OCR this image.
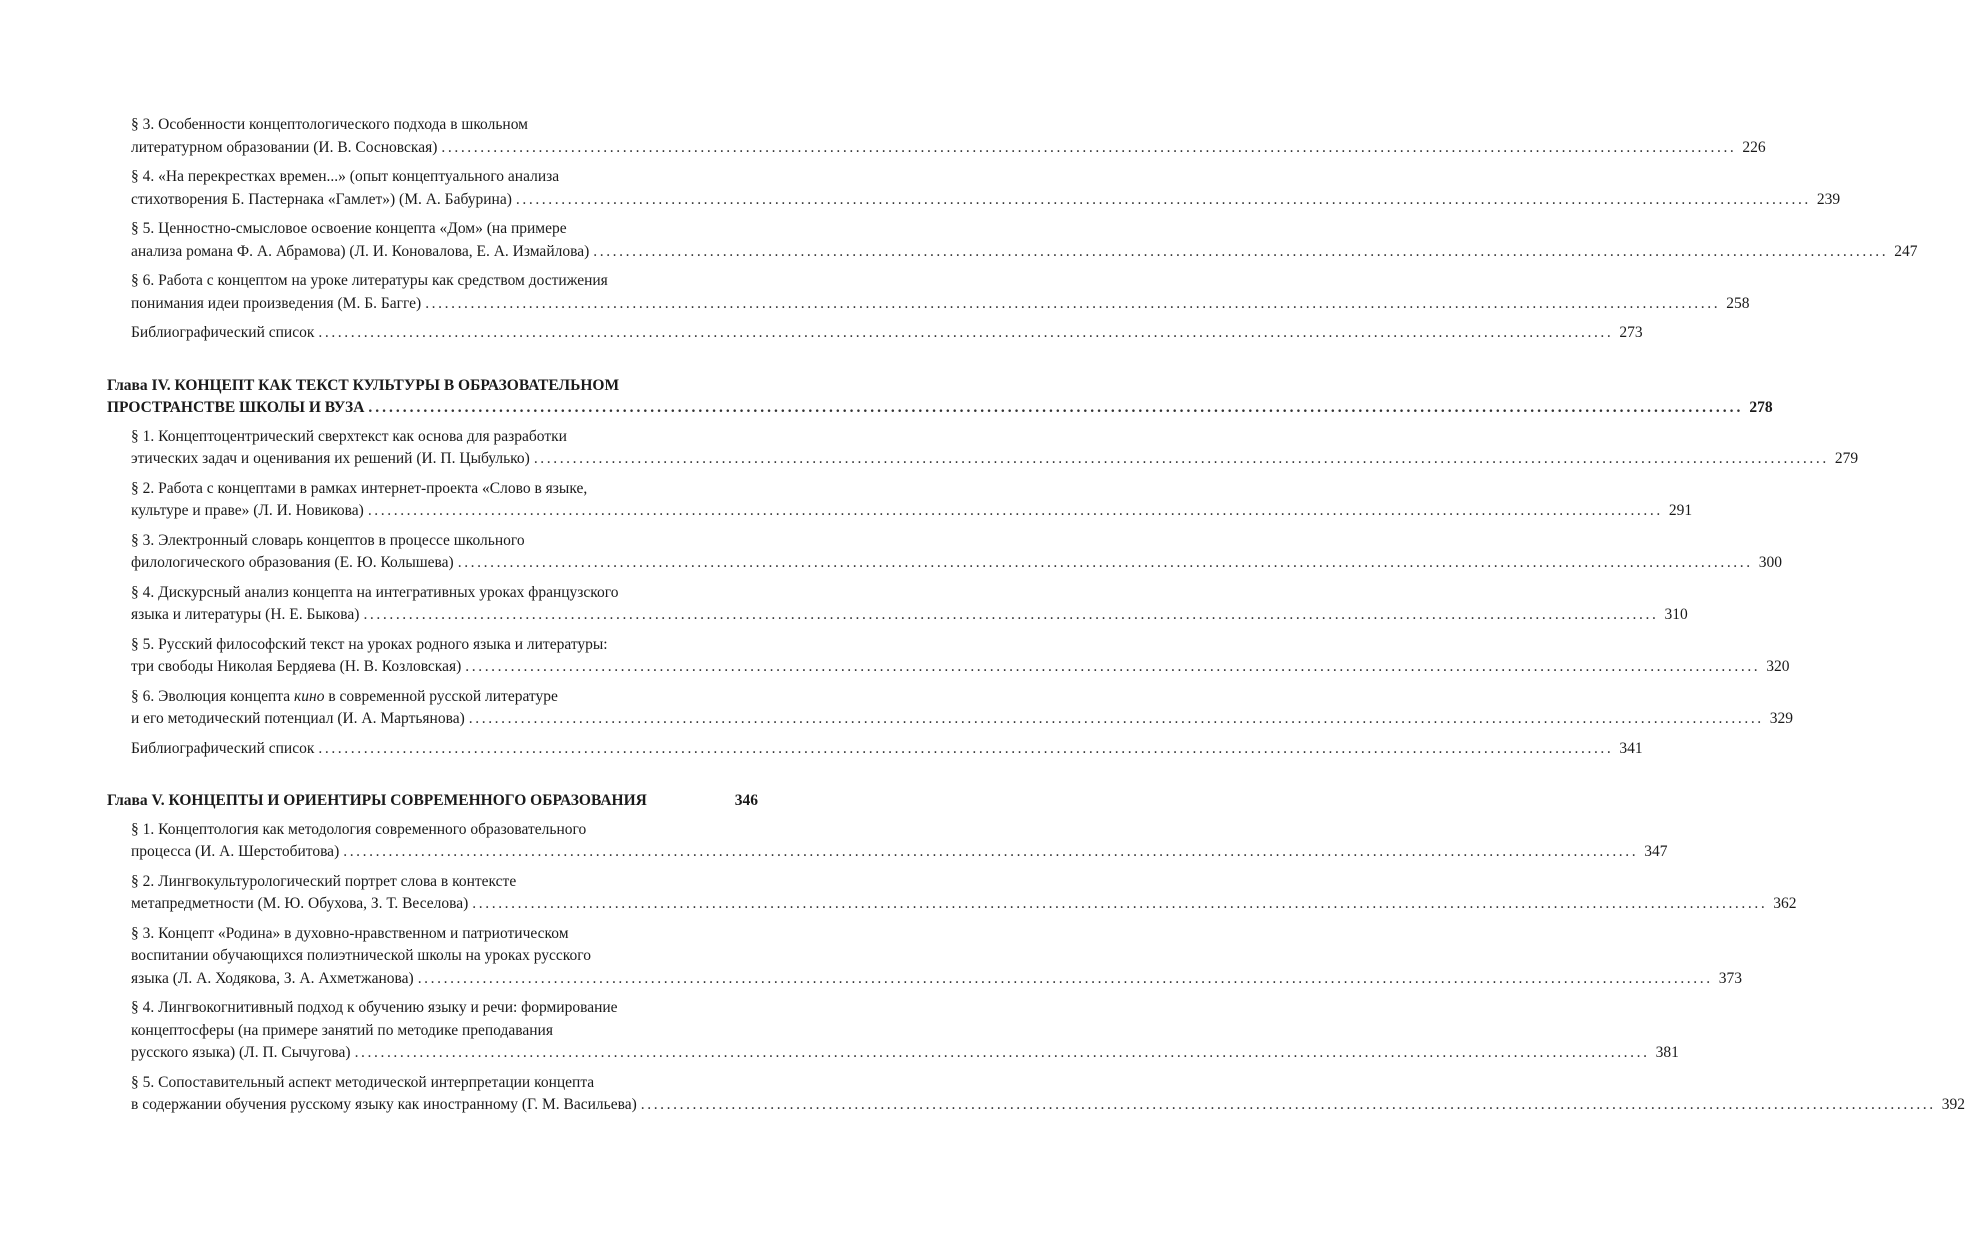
§ 3. Особенности концептологического подхода в школьном
литературном образовании (И. В. Сосновская) ........................................................................................................................................................................................................ 226
§ 4. «На перекрестках времен...» (опыт концептуального анализа
стихотворения Б. Пастернака «Гамлет») (М. А. Бабурина) ........................................................................................................................................................................................................ 239
§ 5. Ценностно-смысловое освоение концепта «Дом» (на примере
анализа романа Ф. А. Абрамова) (Л. И. Коновалова, Е. А. Измайлова) ........................................................................................................................................................................................................ 247
§ 6. Работа с концептом на уроке литературы как средством достижения
понимания идеи произведения (М. Б. Багге) ........................................................................................................................................................................................................ 258
Библиографический список ........................................................................................................................................................................................................ 273
Глава IV. КОНЦЕПТ КАК ТЕКСТ КУЛЬТУРЫ В ОБРАЗОВАТЕЛЬНОМ
ПРОСТРАНСТВЕ ШКОЛЫ И ВУЗА ........................................................................................................................................................................................................ 278
§ 1. Концептоцентрический сверхтекст как основа для разработки
этических задач и оценивания их решений (И. П. Цыбулько) ........................................................................................................................................................................................................ 279
§ 2. Работа с концептами в рамках интернет-проекта «Слово в языке,
культуре и праве» (Л. И. Новикова) ........................................................................................................................................................................................................ 291
§ 3. Электронный словарь концептов в процессе школьного
филологического образования (Е. Ю. Колышева) ........................................................................................................................................................................................................ 300
§ 4. Дискурсный анализ концепта на интегративных уроках французского
языка и литературы (Н. Е. Быкова) ........................................................................................................................................................................................................ 310
§ 5. Русский философский текст на уроках родного языка и литературы:
три свободы Николая Бердяева (Н. В. Козловская) ........................................................................................................................................................................................................ 320
§ 6. Эволюция концепта кино в современной русской литературе
и его методический потенциал (И. А. Мартьянова) ........................................................................................................................................................................................................ 329
Библиографический список ........................................................................................................................................................................................................ 341
Глава V. КОНЦЕПТЫ И ОРИЕНТИРЫ СОВРЕМЕННОГО ОБРАЗОВАНИЯ	346
§ 1. Концептология как методология современного образовательного
процесса (И. А. Шерстобитова) ........................................................................................................................................................................................................ 347
§ 2. Лингвокультурологический портрет слова в контексте
метапредметности (М. Ю. Обухова, З. Т. Веселова) ........................................................................................................................................................................................................ 362
§ 3. Концепт «Родина» в духовно-нравственном и патриотическом
воспитании обучающихся полиэтнической школы на уроках русского
языка (Л. А. Ходякова, З. А. Ахметжанова) ........................................................................................................................................................................................................ 373
§ 4. Лингвокогнитивный подход к обучению языку и речи: формирование
концептосферы (на примере занятий по методике преподавания
русского языка) (Л. П. Сычугова) ........................................................................................................................................................................................................ 381
§ 5. Сопоставительный аспект методической интерпретации концепта
в содержании обучения русскому языку как иностранному (Г. М. Васильева) ........................................................................................................................................................................................................ 392
